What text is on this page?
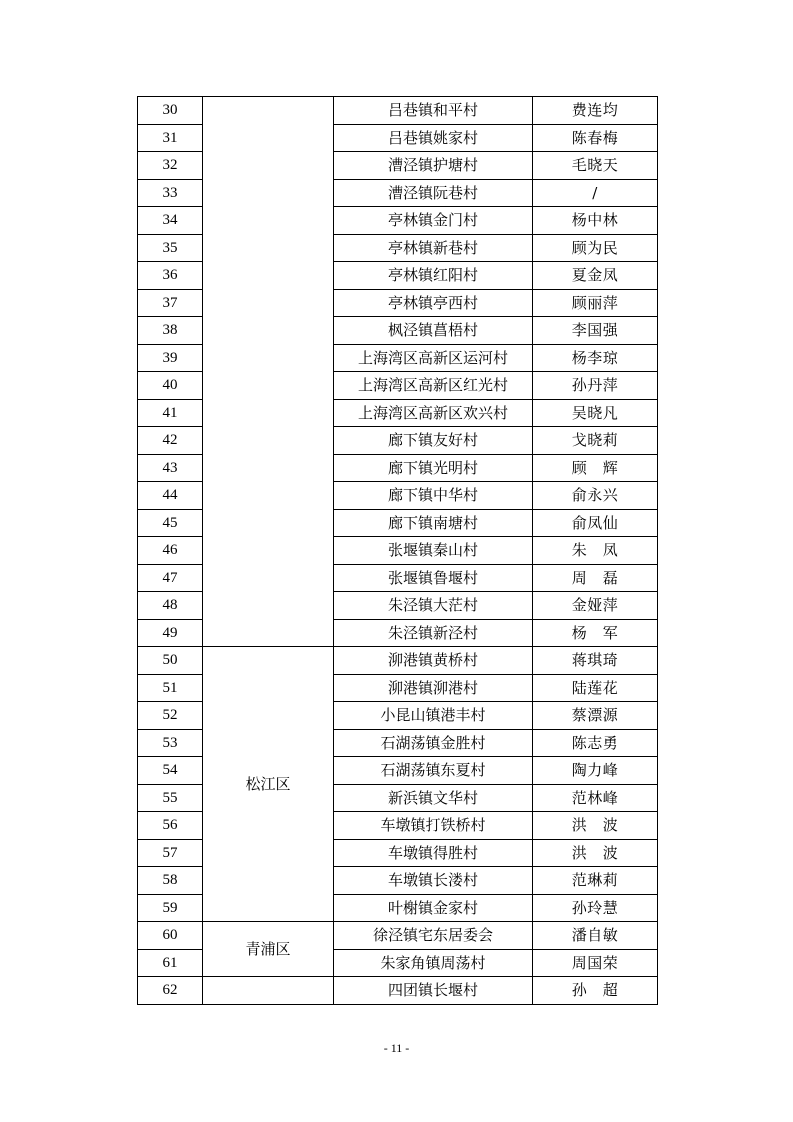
30		吕巷镇和平村	费连均
31		吕巷镇姚家村	陈春梅
32		漕泾镇护塘村	毛晓天
33		漕泾镇阮巷村	/
34		亭林镇金门村	杨中林
35		亭林镇新巷村	顾为民
36		亭林镇红阳村	夏金凤
37		亭林镇亭西村	顾丽萍
38		枫泾镇菖梧村	李国强
39		上海湾区高新区运河村	杨李琼
40		上海湾区高新区红光村	孙丹萍
41		上海湾区高新区欢兴村	吴晓凡
42		廊下镇友好村	戈晓莉
43		廊下镇光明村	顾　辉
44		廊下镇中华村	俞永兴
45		廊下镇南塘村	俞凤仙
46		张堰镇秦山村	朱　凤
47		张堰镇鲁堰村	周　磊
48		朱泾镇大茫村	金娅萍
49		朱泾镇新泾村	杨　军
50	松江区	泖港镇黄桥村	蒋琪琦
51		泖港镇泖港村	陆莲花
52		小昆山镇港丰村	蔡漂源
53		石湖荡镇金胜村	陈志勇
54		石湖荡镇东夏村	陶力峰
55		新浜镇文华村	范林峰
56		车墩镇打铁桥村	洪　波
57		车墩镇得胜村	洪　波
58		车墩镇长溇村	范琳莉
59		叶榭镇金家村	孙玲慧
60	青浦区	徐泾镇宅东居委会	潘自敏
61		朱家角镇周荡村	周国荣
62		四团镇长堰村	孙　超
- 11 -
